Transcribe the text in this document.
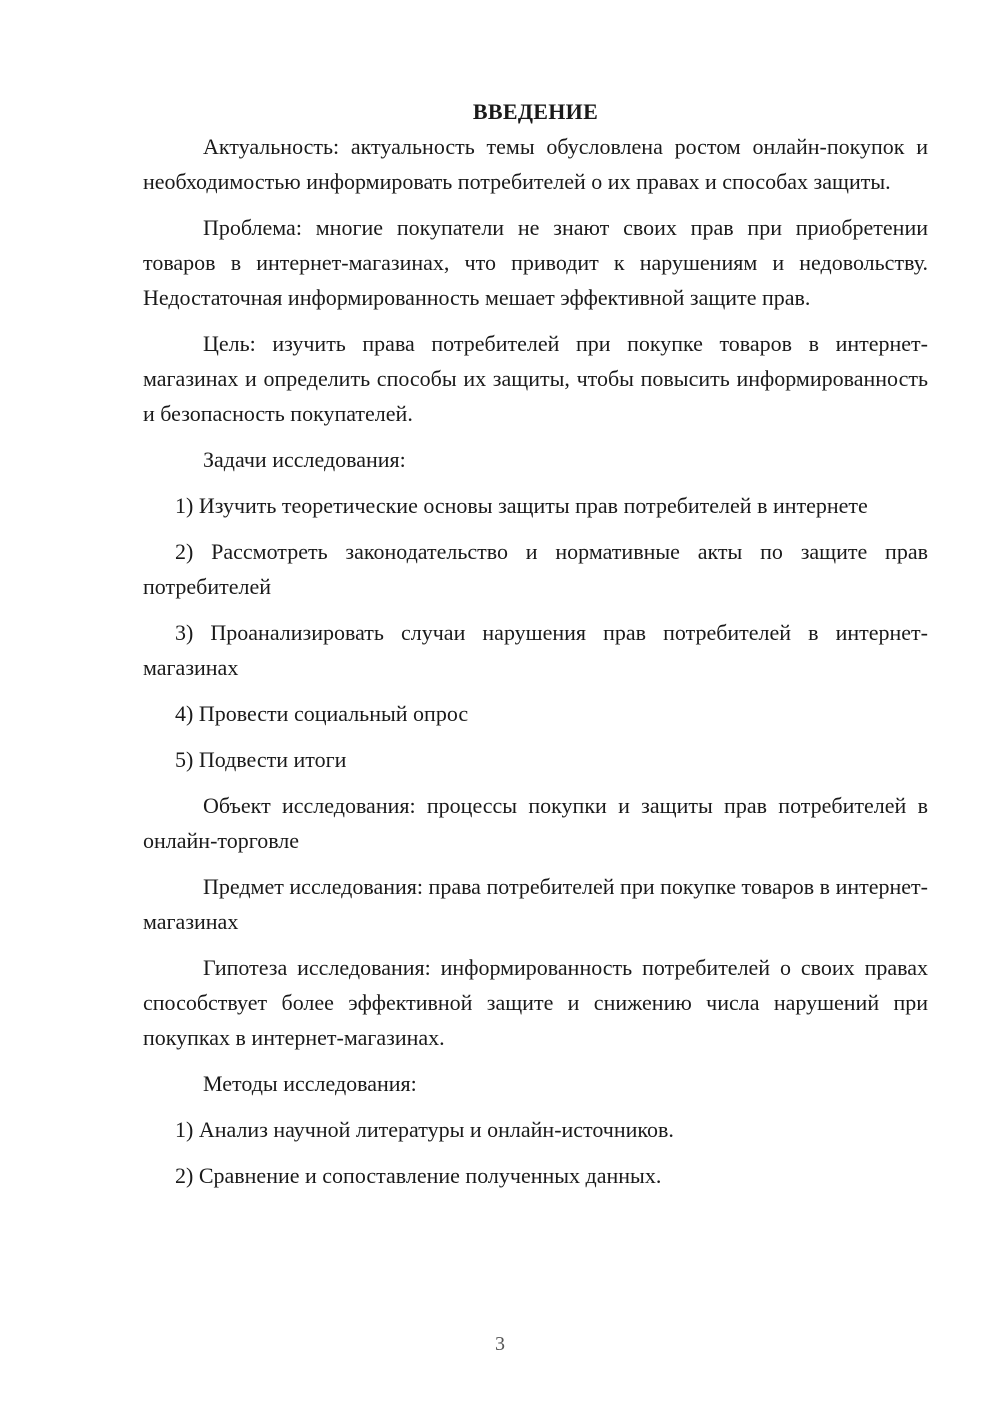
ВВЕДЕНИЕ

Актуальность: актуальность темы обусловлена ростом онлайн-покупок и необходимостью информировать потребителей о их правах и способах защиты.

Проблема: многие покупатели не знают своих прав при приобретении товаров в интернет-магазинах, что приводит к нарушениям и недовольству. Недостаточная информированность мешает эффективной защите прав.

Цель: изучить права потребителей при покупке товаров в интернет-магазинах и определить способы их защиты, чтобы повысить информированность и безопасность покупателей.

Задачи исследования:

1) Изучить теоретические основы защиты прав потребителей в интернете

2) Рассмотреть законодательство и нормативные акты по защите прав потребителей

3) Проанализировать случаи нарушения прав потребителей в интернет-магазинах

4) Провести социальный опрос

5) Подвести итоги

Объект исследования: процессы покупки и защиты прав потребителей в онлайн-торговле

Предмет исследования: права потребителей при покупке товаров в интернет-магазинах

Гипотеза исследования: информированность потребителей о своих правах способствует более эффективной защите и снижению числа нарушений при покупках в интернет-магазинах.

Методы исследования:

1) Анализ научной литературы и онлайн-источников.

2) Сравнение и сопоставление полученных данных.

3
